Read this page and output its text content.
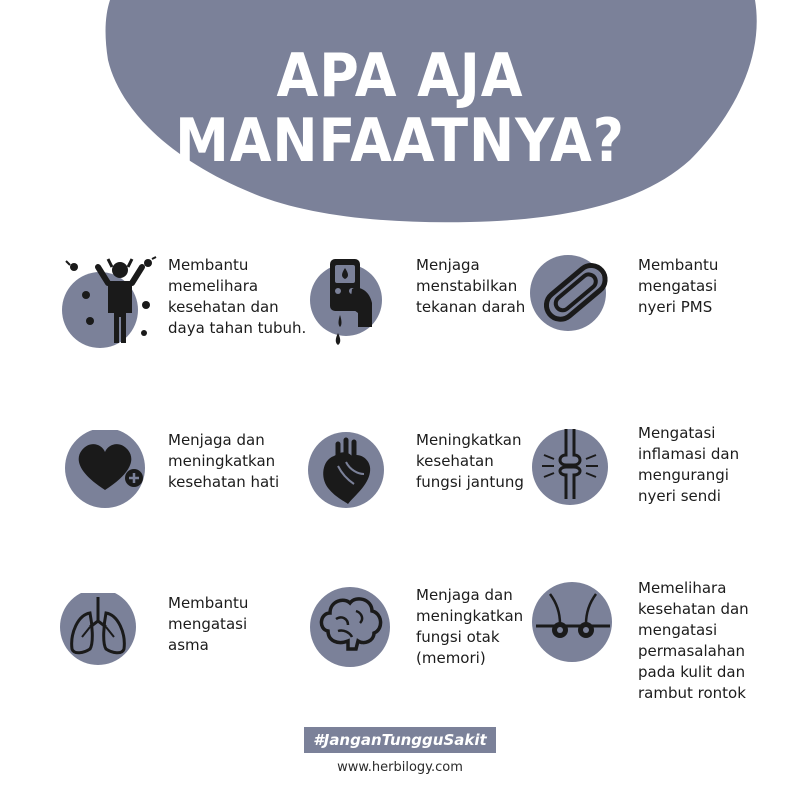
APA AJA
MANFAATNYA?
Membantu
memelihara
kesehatan dan
daya tahan tubuh.
Menjaga
menstabilkan
tekanan darah
Membantu
mengatasi
nyeri PMS
Menjaga dan
meningkatkan
kesehatan hati
Meningkatkan
kesehatan
fungsi jantung
Mengatasi
inflamasi dan
mengurangi
nyeri sendi
Membantu
mengatasi
asma
Menjaga dan
meningkatkan
fungsi otak
(memori)
Memelihara
kesehatan dan
mengatasi
permasalahan
pada kulit dan
rambut rontok
#JanganTungguSakit
www.herbilogy.com
